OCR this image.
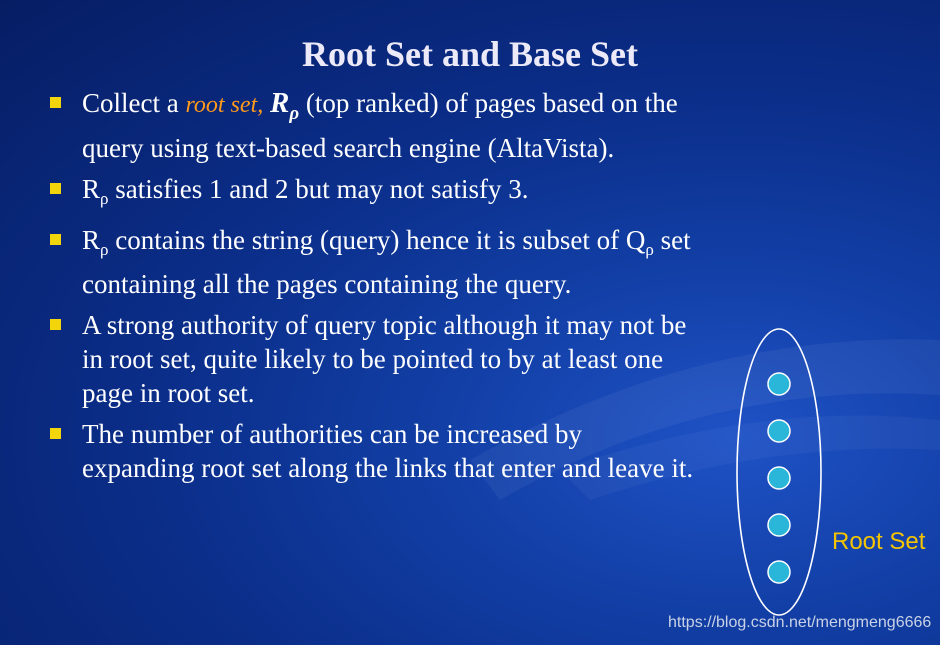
Root Set and Base Set
Collect a root set, $R_\rho$ (top ranked) of pages based on the query using text-based search engine (AltaVista).
$R_\rho$ satisfies 1 and 2 but may not satisfy 3.
$R_\rho$ contains the string (query) hence it is subset of $Q_\rho$ set containing all the pages containing the query.
A strong authority of query topic although it may not be in root set, quite likely to be pointed to by at least one page in root set.
The number of authorities can be increased by expanding root set along the links that enter and leave it.
Root Set
https://blog.csdn.net/mengmeng6666
